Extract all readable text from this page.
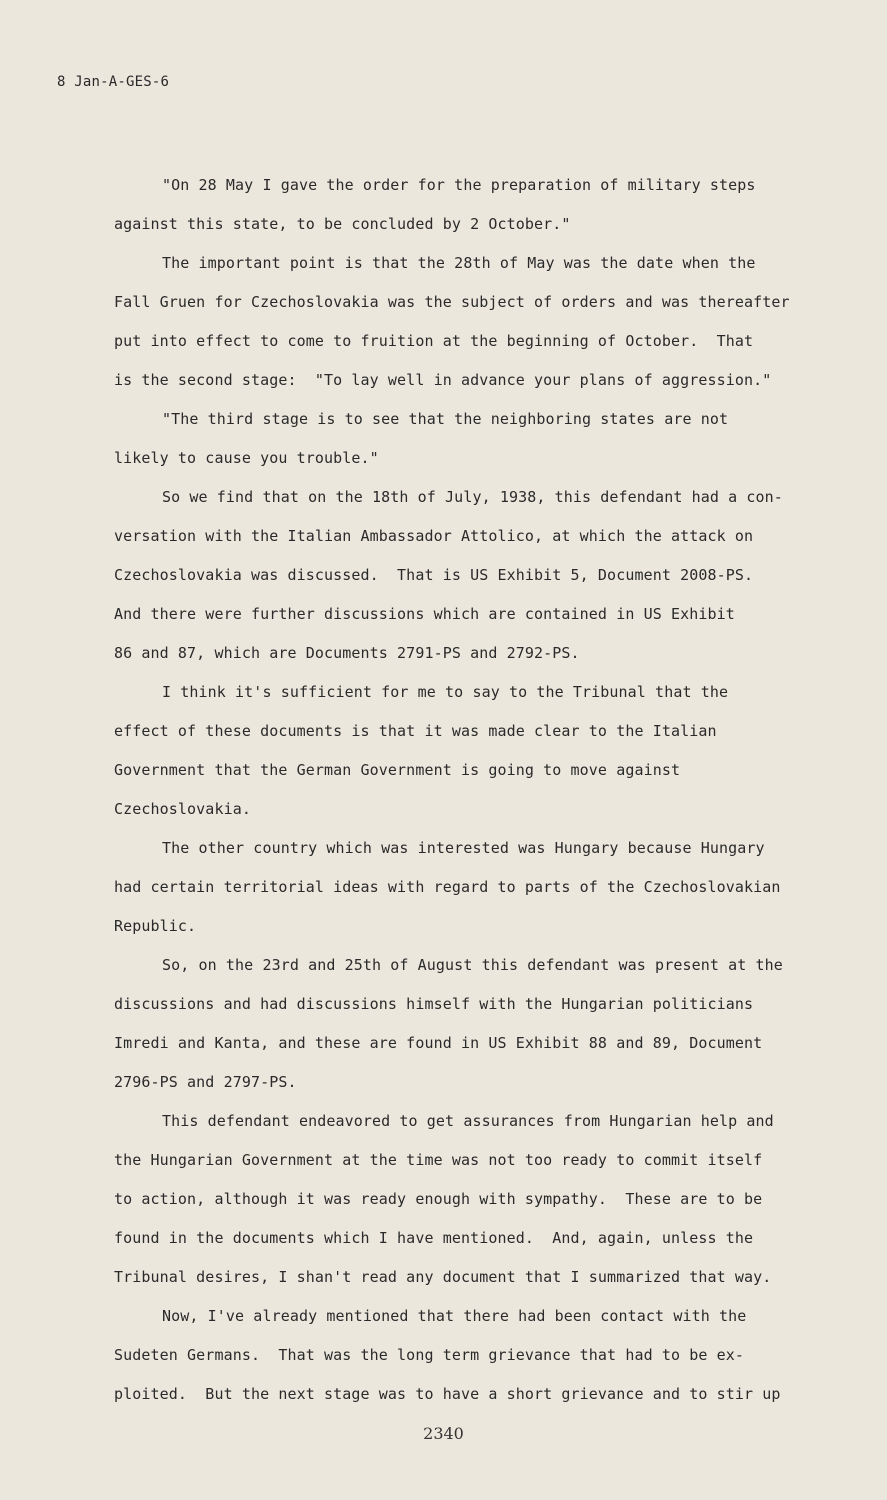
8 Jan-A-GES-6
"On 28 May I gave the order for the preparation of military steps
against this state, to be concluded by 2 October."
The important point is that the 28th of May was the date when the
Fall Gruen for Czechoslovakia was the subject of orders and was thereafter
put into effect to come to fruition at the beginning of October.  That
is the second stage:  "To lay well in advance your plans of aggression."
"The third stage is to see that the neighboring states are not
likely to cause you trouble."
So we find that on the 18th of July, 1938, this defendant had a con-
versation with the Italian Ambassador Attolico, at which the attack on
Czechoslovakia was discussed.  That is US Exhibit 5, Document 2008-PS.
And there were further discussions which are contained in US Exhibit
86 and 87, which are Documents 2791-PS and 2792-PS.
I think it's sufficient for me to say to the Tribunal that the
effect of these documents is that it was made clear to the Italian
Government that the German Government is going to move against
Czechoslovakia.
The other country which was interested was Hungary because Hungary
had certain territorial ideas with regard to parts of the Czechoslovakian
Republic.
So, on the 23rd and 25th of August this defendant was present at the
discussions and had discussions himself with the Hungarian politicians
Imredi and Kanta, and these are found in US Exhibit 88 and 89, Document
2796-PS and 2797-PS.
This defendant endeavored to get assurances from Hungarian help and
the Hungarian Government at the time was not too ready to commit itself
to action, although it was ready enough with sympathy.  These are to be
found in the documents which I have mentioned.  And, again, unless the
Tribunal desires, I shan't read any document that I summarized that way.
Now, I've already mentioned that there had been contact with the
Sudeten Germans.  That was the long term grievance that had to be ex-
ploited.  But the next stage was to have a short grievance and to stir up
2340
